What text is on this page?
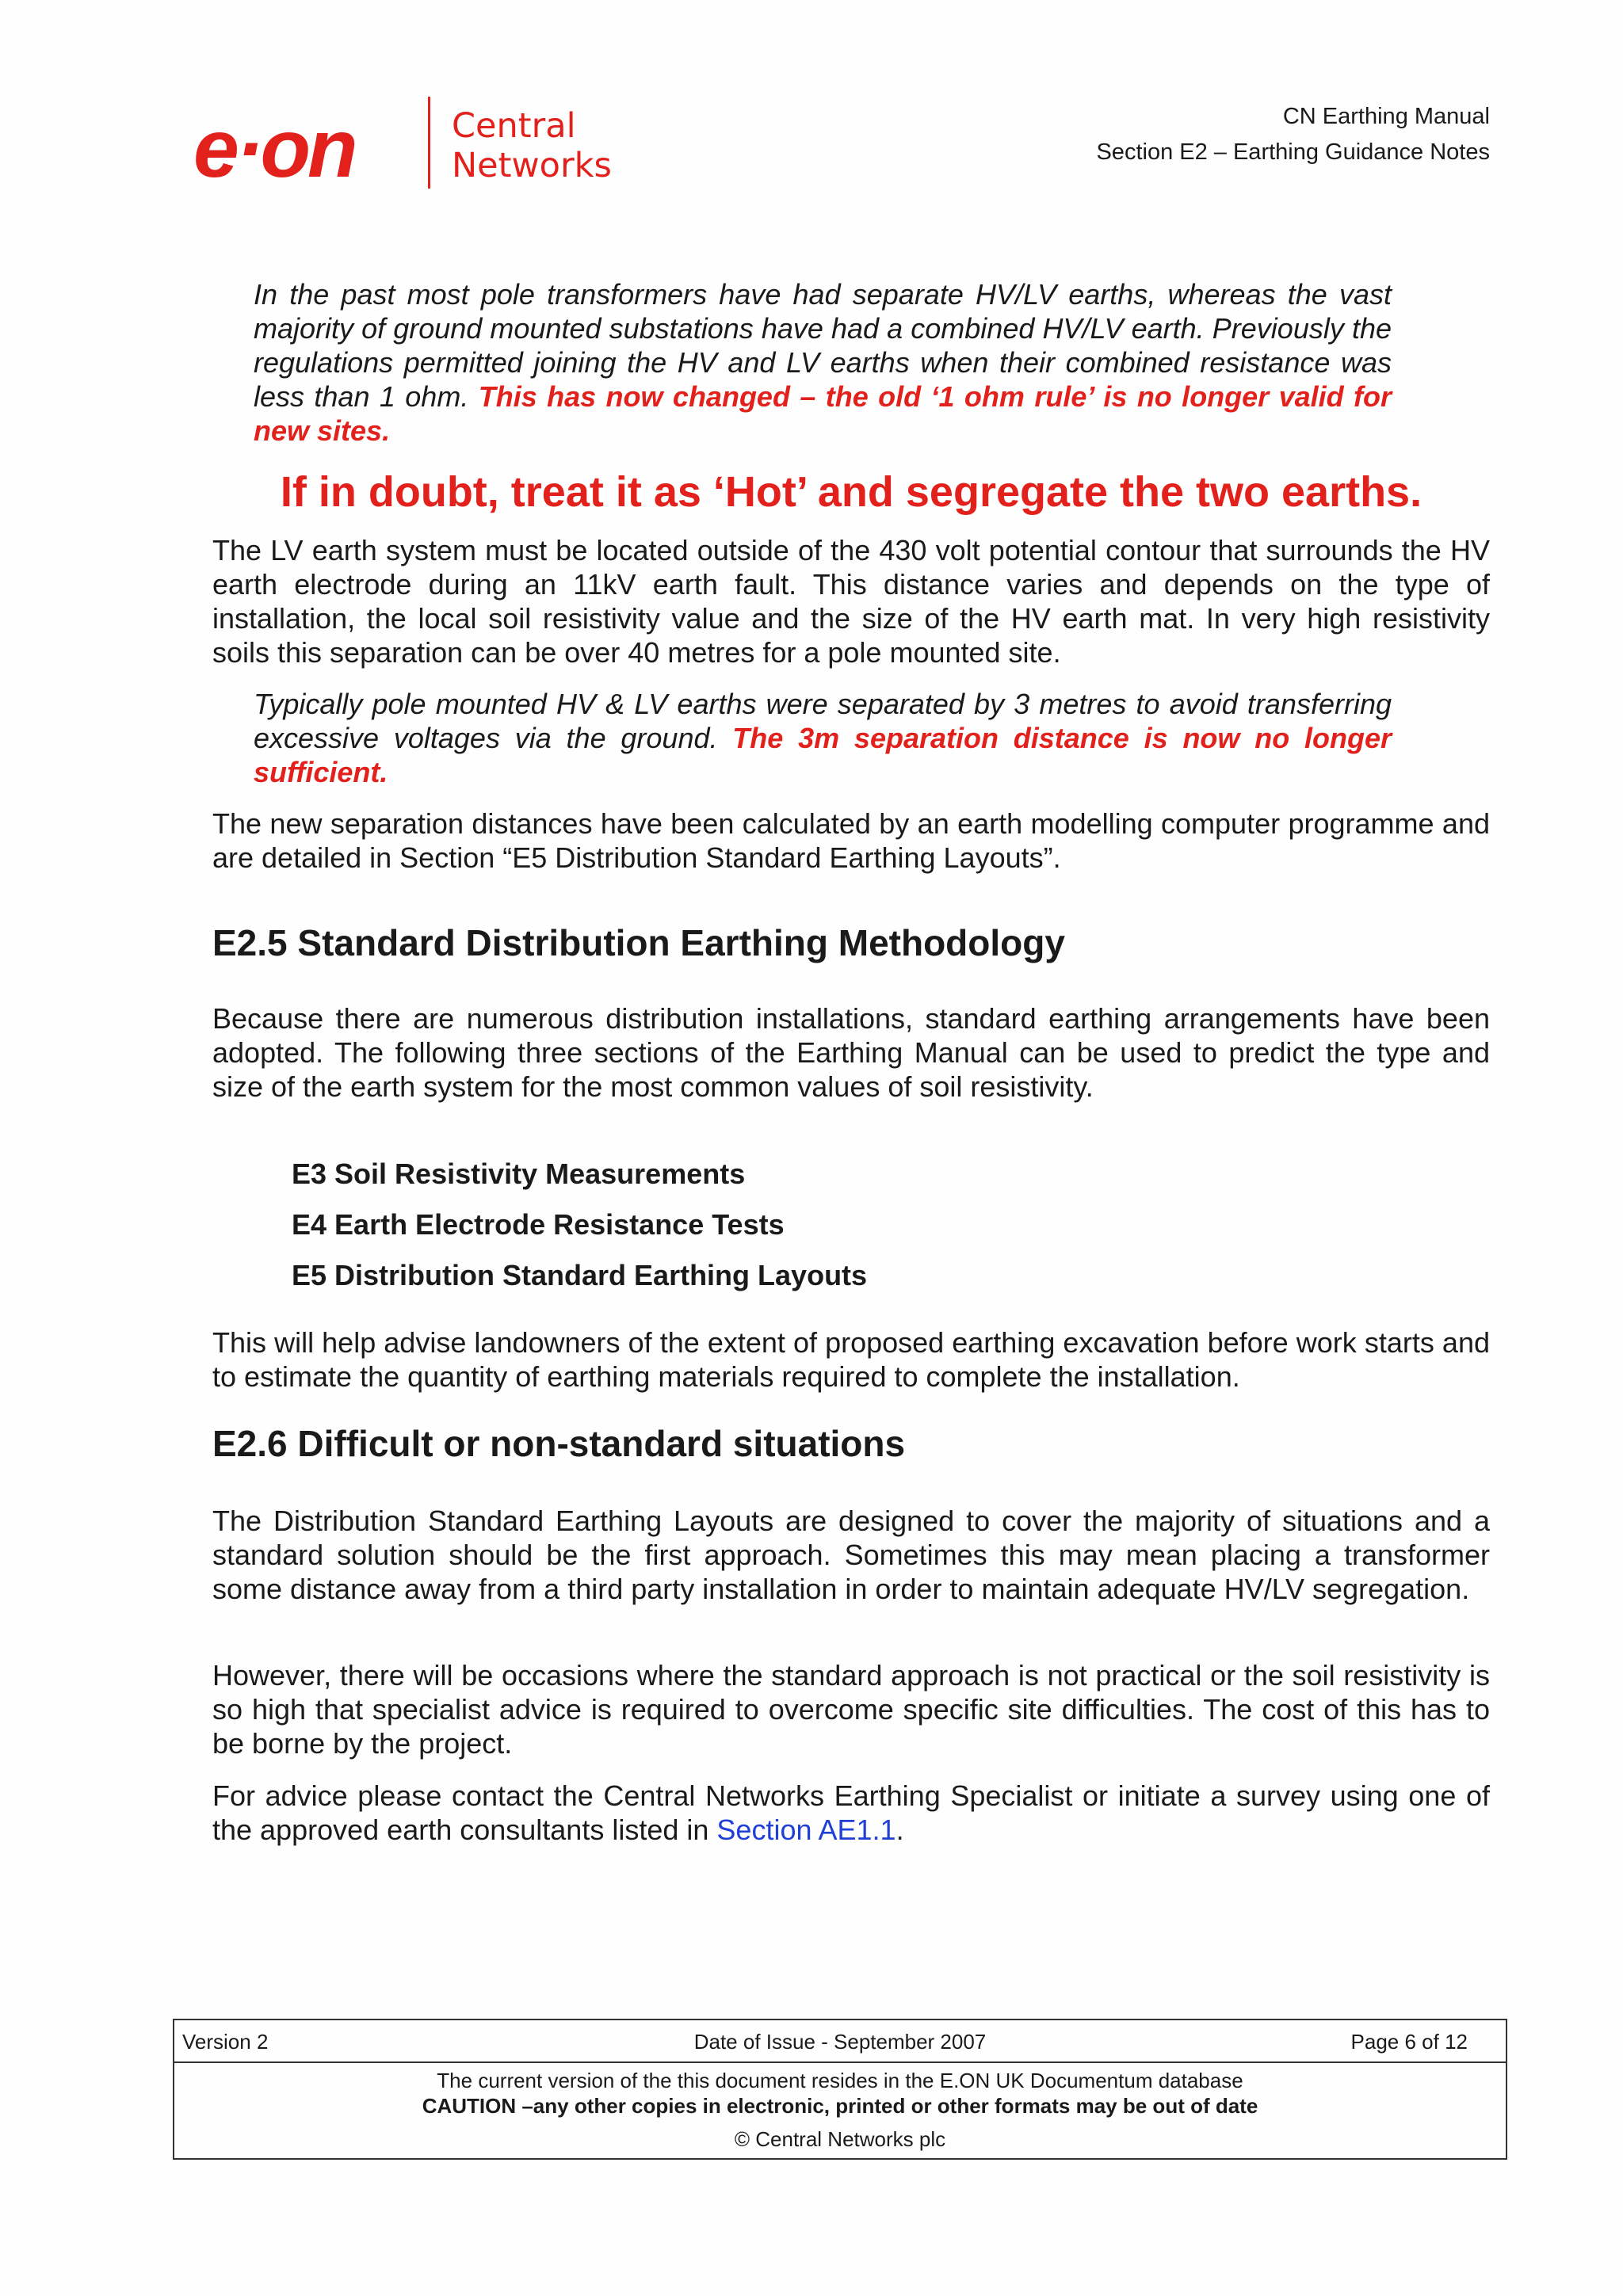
e·on	Central
Networks
CN Earthing Manual
Section E2 – Earthing Guidance Notes
In the past most pole transformers have had separate HV/LV earths, whereas the vast majority of ground mounted substations have had a combined HV/LV earth. Previously the regulations permitted joining the HV and LV earths when their combined resistance was less than 1 ohm. This has now changed – the old ‘1 ohm rule’ is no longer valid for new sites.
If in doubt, treat it as ‘Hot’ and segregate the two earths.
The LV earth system must be located outside of the 430 volt potential contour that surrounds the HV earth electrode during an 11kV earth fault. This distance varies and depends on the type of installation, the local soil resistivity value and the size of the HV earth mat. In very high resistivity soils this separation can be over 40 metres for a pole mounted site.
Typically pole mounted HV & LV earths were separated by 3 metres to avoid transferring excessive voltages via the ground. The 3m separation distance is now no longer sufficient.
The new separation distances have been calculated by an earth modelling computer programme and are detailed in Section “E5 Distribution Standard Earthing Layouts”.
E2.5 Standard Distribution Earthing Methodology
Because there are numerous distribution installations, standard earthing arrangements have been adopted. The following three sections of the Earthing Manual can be used to predict the type and size of the earth system for the most common values of soil resistivity.
E3 Soil Resistivity Measurements
E4 Earth Electrode Resistance Tests
E5 Distribution Standard Earthing Layouts
This will help advise landowners of the extent of proposed earthing excavation before work starts and to estimate the quantity of earthing materials required to complete the installation.
E2.6 Difficult or non-standard situations
The Distribution Standard Earthing Layouts are designed to cover the majority of situations and a standard solution should be the first approach. Sometimes this may mean placing a transformer some distance away from a third party installation in order to maintain adequate HV/LV segregation.
However, there will be occasions where the standard approach is not practical or the soil resistivity is so high that specialist advice is required to overcome specific site difficulties. The cost of this has to be borne by the project.
For advice please contact the Central Networks Earthing Specialist or initiate a survey using one of the approved earth consultants listed in Section AE1.1.
Version 2	Date of Issue - September 2007	Page 6 of 12
The current version of the this document resides in the E.ON UK Documentum database
CAUTION –any other copies in electronic, printed or other formats may be out of date
© Central Networks plc
